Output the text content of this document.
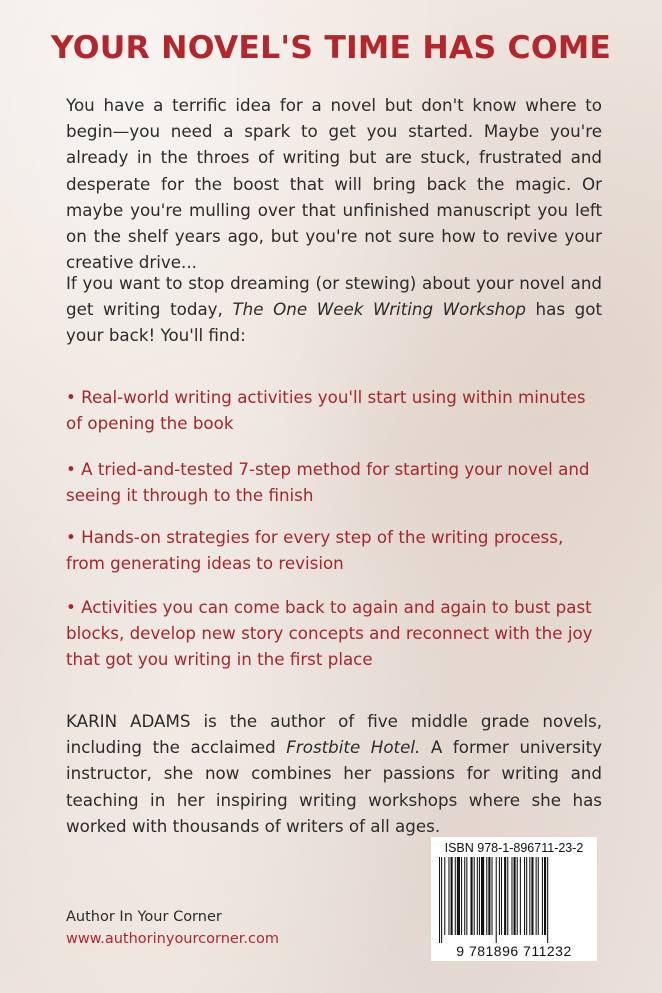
YOUR NOVEL'S TIME HAS COME

You have a terrific idea for a novel but don't know where to begin—you need a spark to get you started. Maybe you're already in the throes of writing but are stuck, frustrated and desperate for the boost that will bring back the magic. Or maybe you're mulling over that unfinished manuscript you left on the shelf years ago, but you're not sure how to revive your creative drive...

If you want to stop dreaming (or stewing) about your novel and get writing today, The One Week Writing Workshop has got your back! You'll find:

• Real-world writing activities you'll start using within minutes of opening the book

• A tried-and-tested 7-step method for starting your novel and seeing it through to the finish

• Hands-on strategies for every step of the writing process, from generating ideas to revision

• Activities you can come back to again and again to bust past blocks, develop new story concepts and reconnect with the joy that got you writing in the first place

KARIN ADAMS is the author of five middle grade novels, including the acclaimed Frostbite Hotel. A former university instructor, she now combines her passions for writing and teaching in her inspiring writing workshops where she has worked with thousands of writers of all ages.

Author In Your Corner
www.authorinyourcorner.com
ISBN 978-1-896711-23-2
9 781896 711232
